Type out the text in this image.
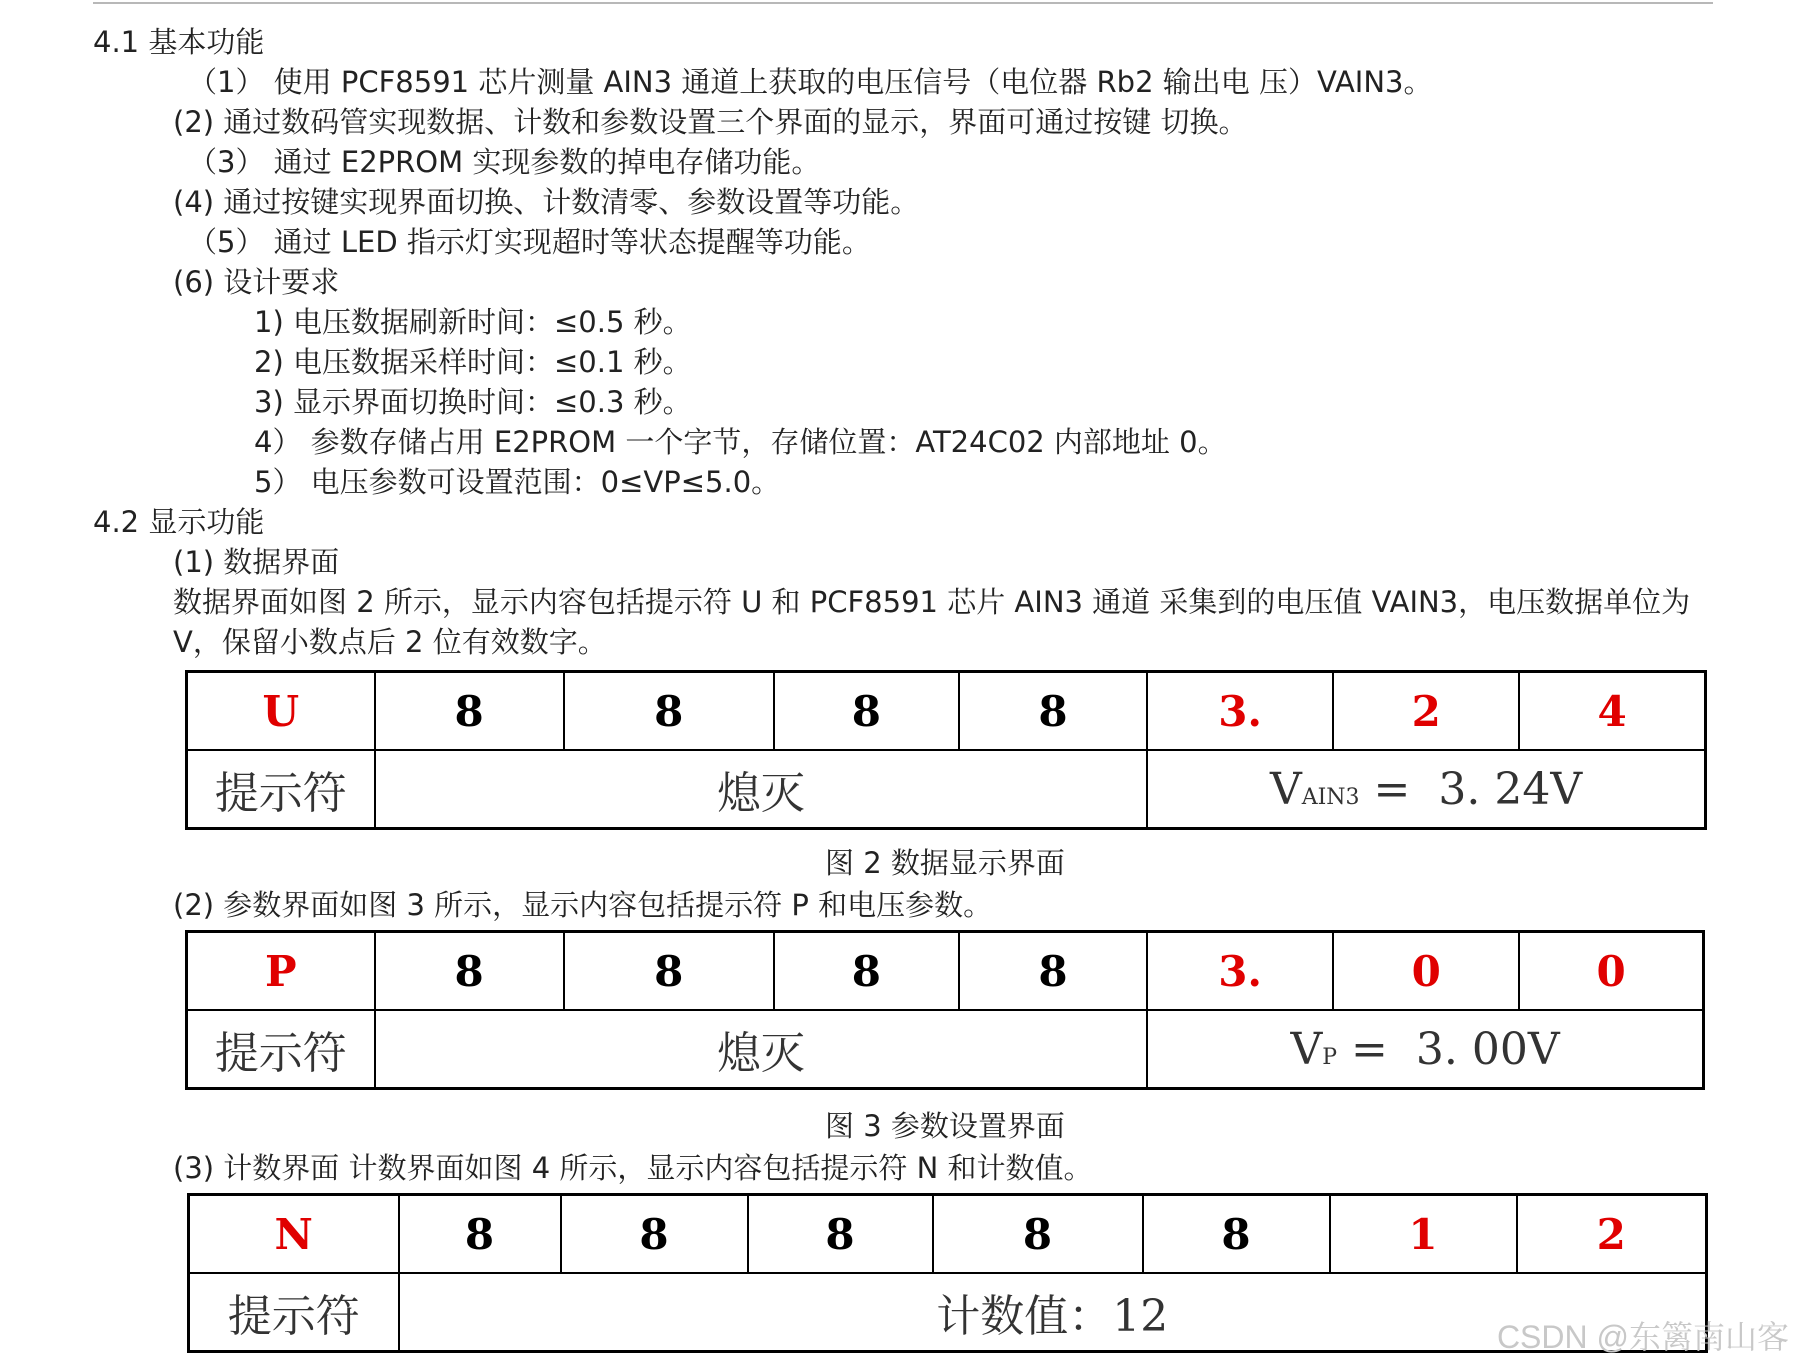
4.1 基本功能
（1） 使用 PCF8591 芯片测量 AIN3 通道上获取的电压信号（电位器 Rb2 输出电 压）VAIN3。
(2) 通过数码管实现数据、计数和参数设置三个界面的显示，界面可通过按键 切换。
（3） 通过 E2PROM 实现参数的掉电存储功能。
(4) 通过按键实现界面切换、计数清零、参数设置等功能。
（5） 通过 LED 指示灯实现超时等状态提醒等功能。
(6) 设计要求
1) 电压数据刷新时间：≤0.5 秒。
2) 电压数据采样时间：≤0.1 秒。
3) 显示界面切换时间：≤0.3 秒。
4） 参数存储占用 E2PROM 一个字节，存储位置：AT24C02 内部地址 0。
5） 电压参数可设置范围：0≤VP≤5.0。
4.2 显示功能
(1) 数据界面
数据界面如图 2 所示，显示内容包括提示符 U 和 PCF8591 芯片 AIN3 通道 采集到的电压值 VAIN3，电压数据单位为
V，保留小数点后 2 位有效数字。
U	8	8	8	8	3.	2	4
提示符	熄灭				VAIN3 =  3. 24V		
图 2 数据显示界面
(2) 参数界面如图 3 所示，显示内容包括提示符 P 和电压参数。
P	8	8	8	8	3.	0	0
提示符	熄灭				VP =  3. 00V		
图 3 参数设置界面
(3) 计数界面 计数界面如图 4 所示，显示内容包括提示符 N 和计数值。
N	8	8	8	8	8	1	2
提示符	计数值：12							CSDN @东篱南山客
